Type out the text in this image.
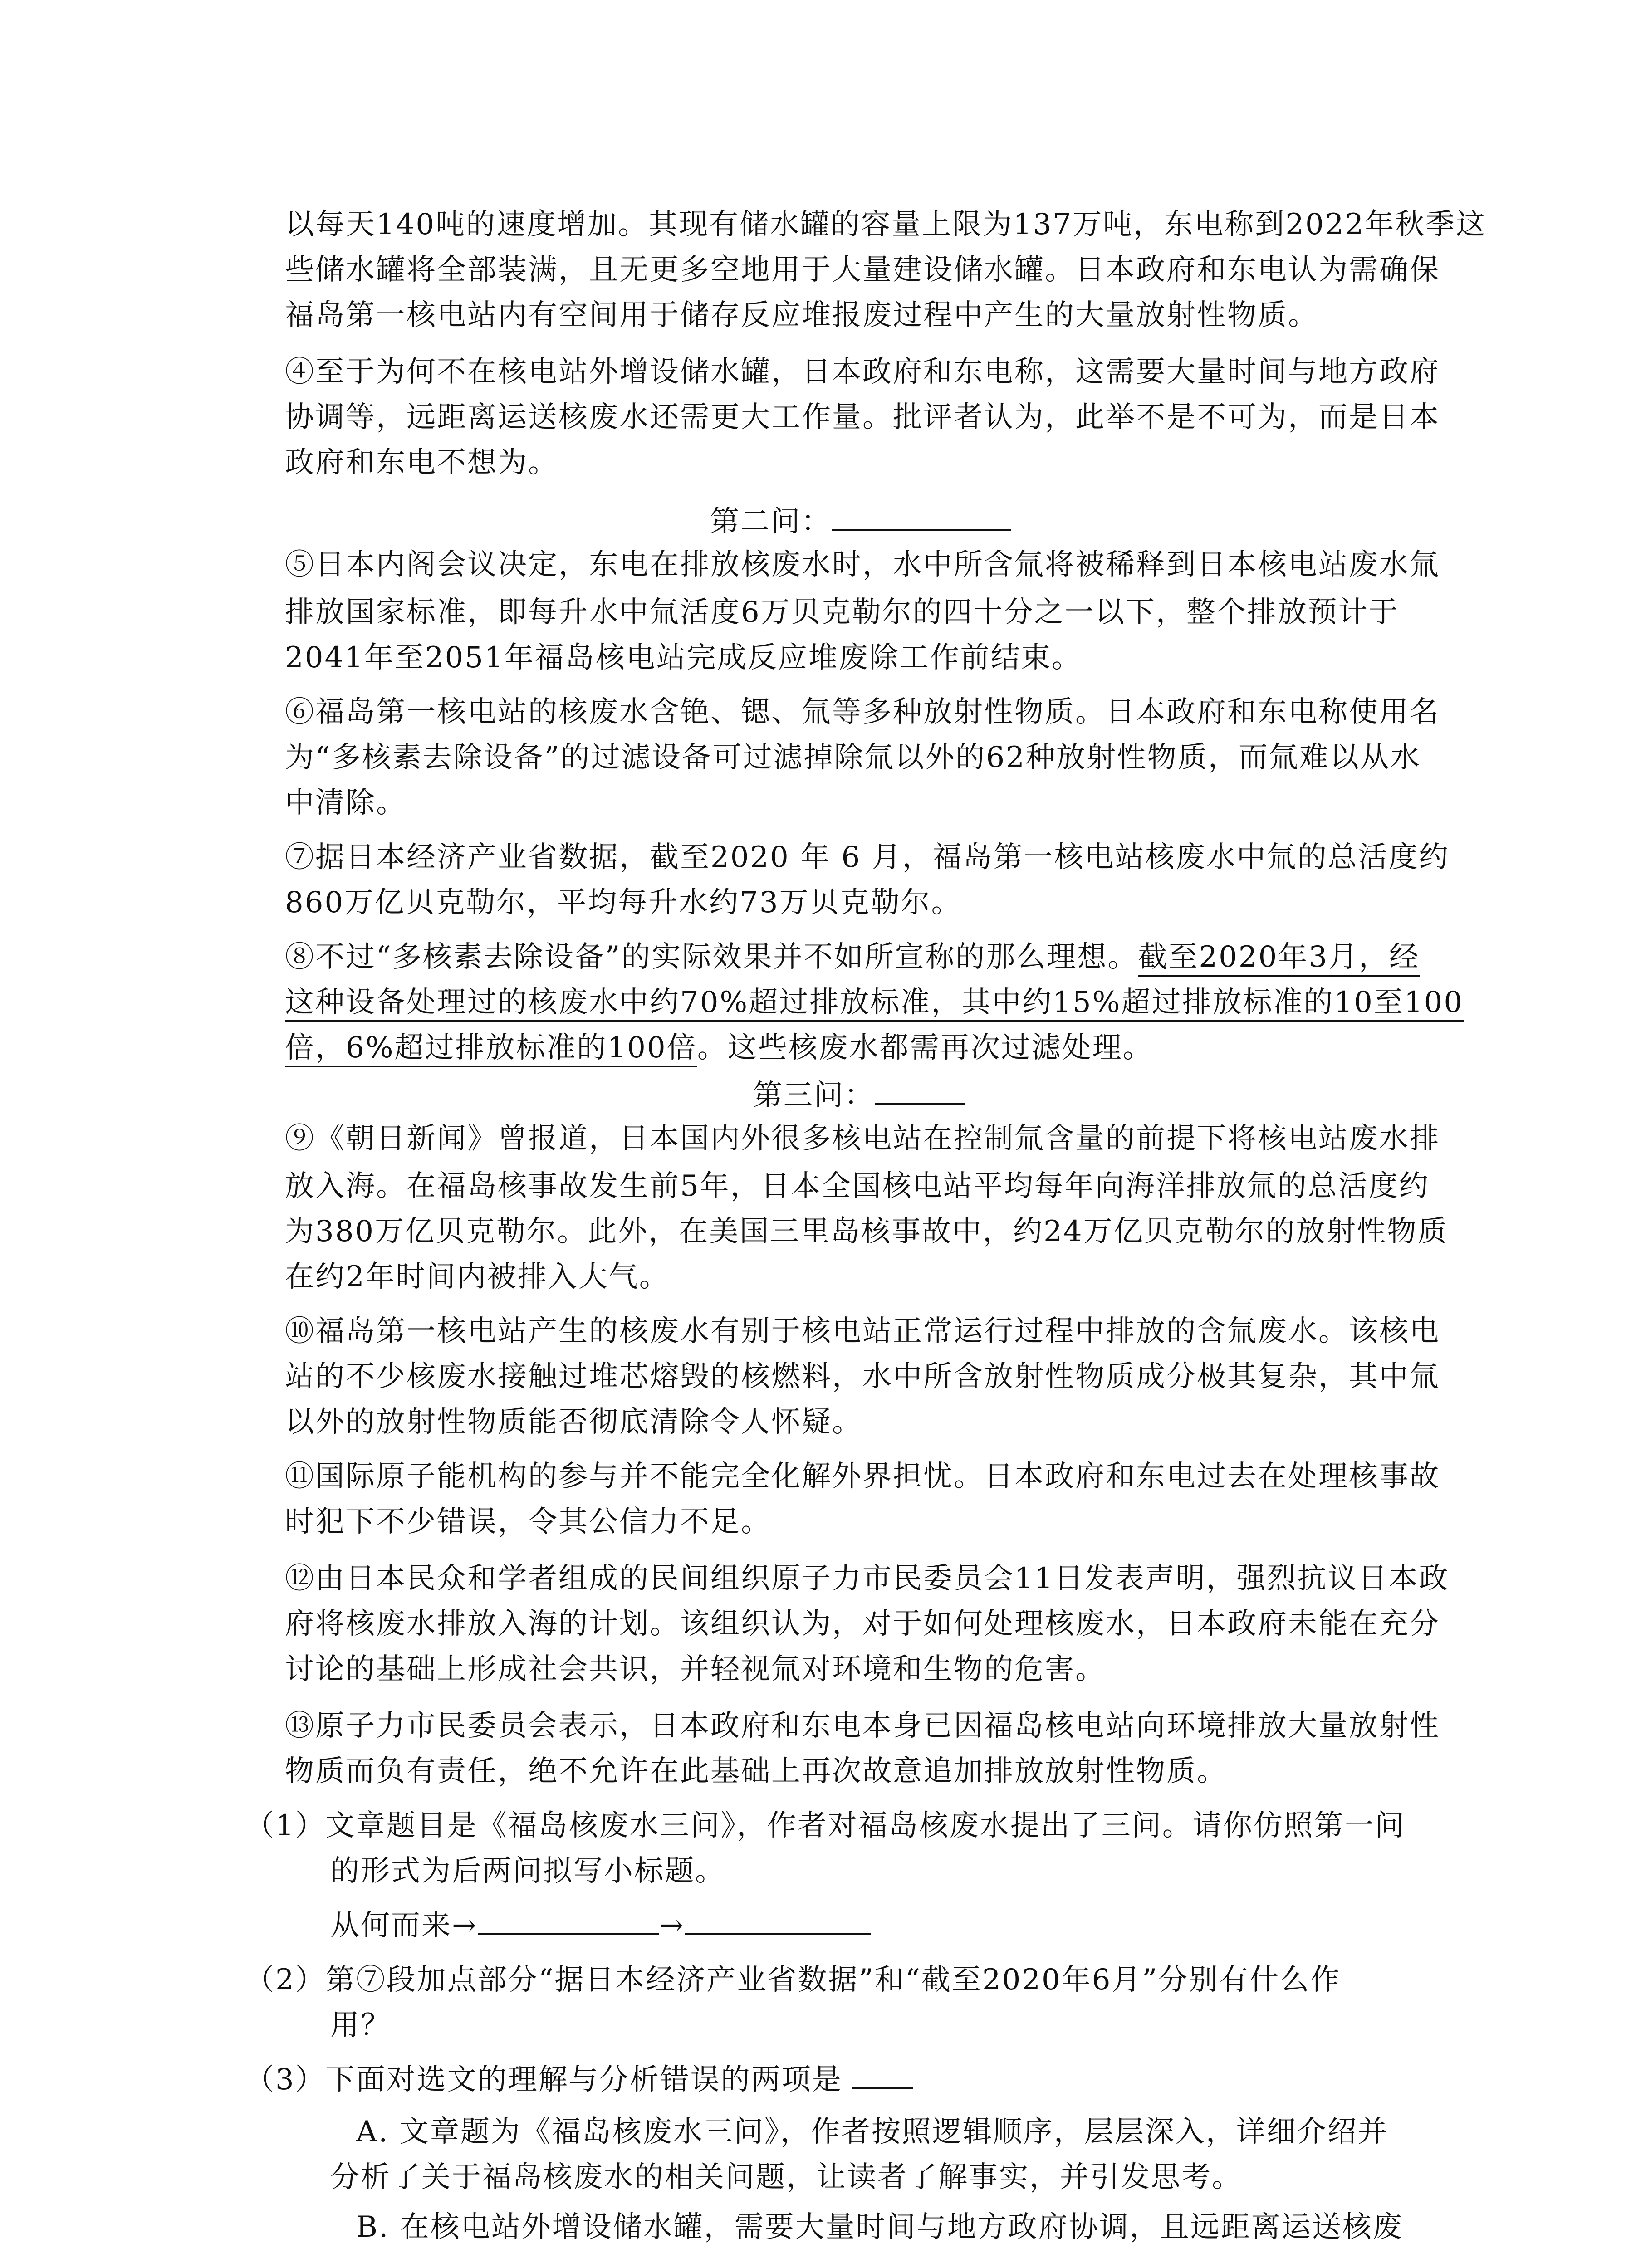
以每天140吨的速度增加。其现有储水罐的容量上限为137万吨，东电称到2022年秋季这
些储水罐将全部装满，且无更多空地用于大量建设储水罐。日本政府和东电认为需确保
福岛第一核电站内有空间用于储存反应堆报废过程中产生的大量放射性物质。
④至于为何不在核电站外增设储水罐，日本政府和东电称，这需要大量时间与地方政府
协调等，远距离运送核废水还需更大工作量。批评者认为，此举不是不可为，而是日本
政府和东电不想为。
第二问：
⑤日本内阁会议决定，东电在排放核废水时，水中所含氚将被稀释到日本核电站废水氚
排放国家标准，即每升水中氚活度6万贝克勒尔的四十分之一以下，整个排放预计于
2041年至2051年福岛核电站完成反应堆废除工作前结束。
⑥福岛第一核电站的核废水含铯、锶、氚等多种放射性物质。日本政府和东电称使用名
为“多核素去除设备”的过滤设备可过滤掉除氚以外的62种放射性物质，而氚难以从水
中清除。
⑦据日本经济产业省数据，截至2020 年 6 月，福岛第一核电站核废水中氚的总活度约
860万亿贝克勒尔，平均每升水约73万贝克勒尔。
⑧不过“多核素去除设备”的实际效果并不如所宣称的那么理想。截至2020年3月，经
这种设备处理过的核废水中约70%超过排放标准，其中约15%超过排放标准的10至100
倍，6%超过排放标准的100倍。这些核废水都需再次过滤处理。
第三问：
⑨《朝日新闻》曾报道，日本国内外很多核电站在控制氚含量的前提下将核电站废水排
放入海。在福岛核事故发生前5年，日本全国核电站平均每年向海洋排放氚的总活度约
为380万亿贝克勒尔。此外，在美国三里岛核事故中，约24万亿贝克勒尔的放射性物质
在约2年时间内被排入大气。
⑩福岛第一核电站产生的核废水有别于核电站正常运行过程中排放的含氚废水。该核电
站的不少核废水接触过堆芯熔毁的核燃料，水中所含放射性物质成分极其复杂，其中氚
以外的放射性物质能否彻底清除令人怀疑。
⑪国际原子能机构的参与并不能完全化解外界担忧。日本政府和东电过去在处理核事故
时犯下不少错误，令其公信力不足。
⑫由日本民众和学者组成的民间组织原子力市民委员会11日发表声明，强烈抗议日本政
府将核废水排放入海的计划。该组织认为，对于如何处理核废水，日本政府未能在充分
讨论的基础上形成社会共识，并轻视氚对环境和生物的危害。
⑬原子力市民委员会表示，日本政府和东电本身已因福岛核电站向环境排放大量放射性
物质而负有责任，绝不允许在此基础上再次故意追加排放放射性物质。
（1）文章题目是《福岛核废水三问》，作者对福岛核废水提出了三问。请你仿照第一问
的形式为后两问拟写小标题。
从何而来→	→
（2）第⑦段加点部分“据日本经济产业省数据”和“截至2020年6月”分别有什么作
用？
（3）下面对选文的理解与分析错误的两项是
A. 文章题为《福岛核废水三问》，作者按照逻辑顺序，层层深入，详细介绍并
分析了关于福岛核废水的相关问题，让读者了解事实，并引发思考。
B. 在核电站外增设储水罐，需要大量时间与地方政府协调，且远距离运送核废
